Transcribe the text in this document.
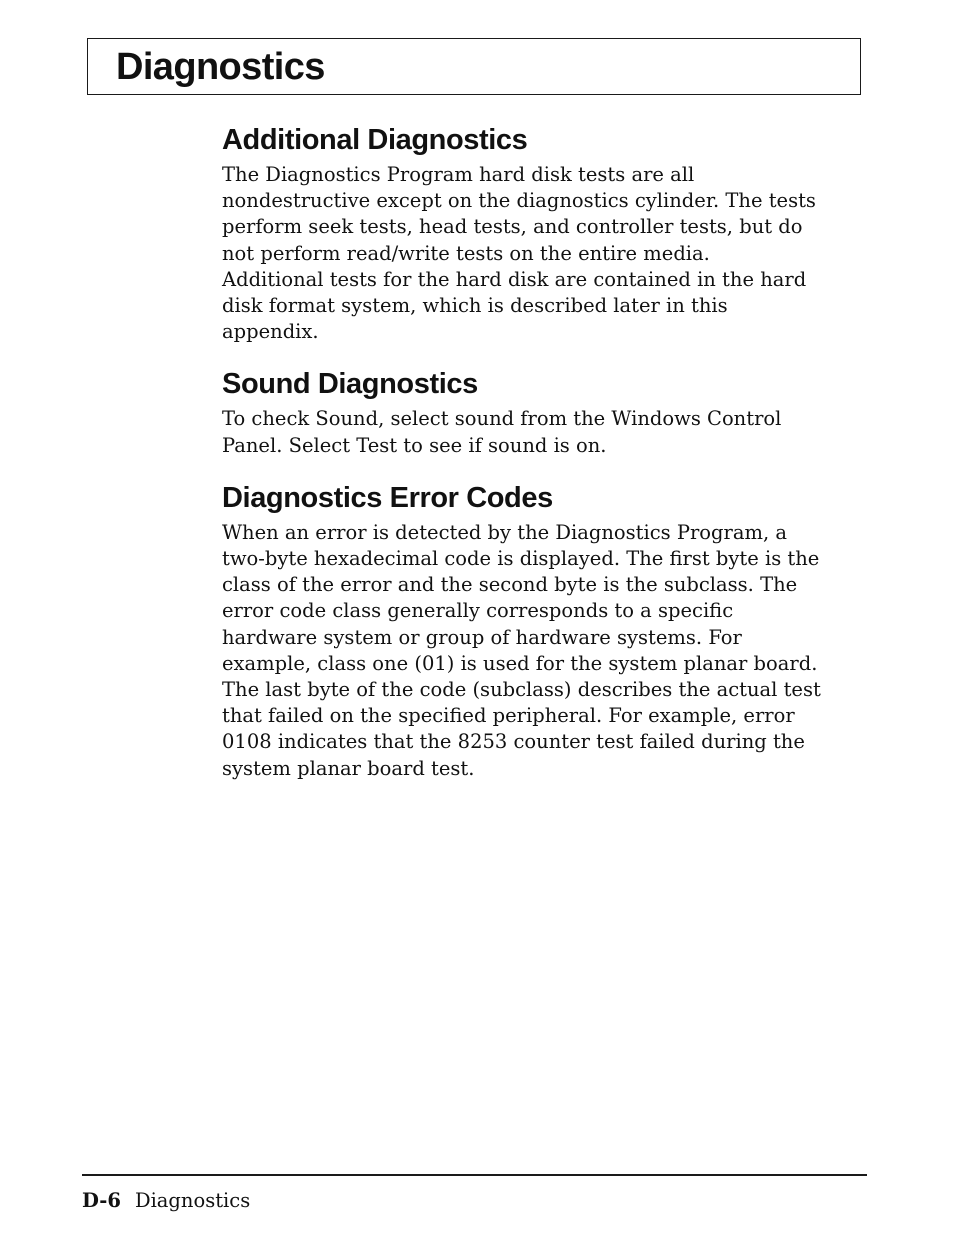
Diagnostics
Additional Diagnostics

The Diagnostics Program hard disk tests are all
nondestructive except on the diagnostics cylinder. The tests
perform seek tests, head tests, and controller tests, but do
not perform read/write tests on the entire media.
Additional tests for the hard disk are contained in the hard
disk format system, which is described later in this
appendix.

Sound Diagnostics

To check Sound, select sound from the Windows Control
Panel. Select Test to see if sound is on.

Diagnostics Error Codes

When an error is detected by the Diagnostics Program, a
two-byte hexadecimal code is displayed. The first byte is the
class of the error and the second byte is the subclass. The
error code class generally corresponds to a specific
hardware system or group of hardware systems. For
example, class one (01) is used for the system planar board.
The last byte of the code (subclass) describes the actual test
that failed on the specified peripheral. For example, error
0108 indicates that the 8253 counter test failed during the
system planar board test.

D-6 Diagnostics
